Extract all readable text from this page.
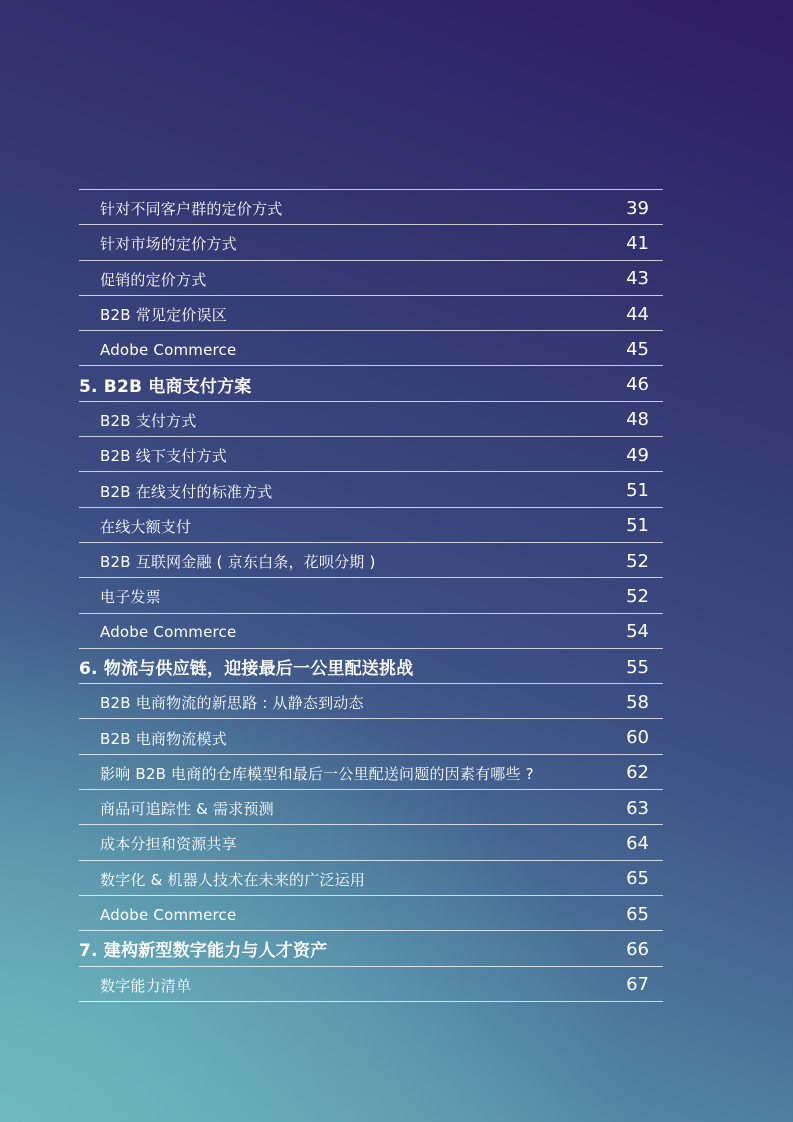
针对不同客户群的定价方式	39
针对市场的定价方式	41
促销的定价方式	43
B2B 常见定价误区	44
Adobe Commerce	45
5. B2B 电商支付方案	46
B2B 支付方式	48
B2B 线下支付方式	49
B2B 在线支付的标准方式	51
在线大额支付	51
B2B 互联网金融 ( 京东白条，花呗分期 )	52
电子发票	52
Adobe Commerce	54
6. 物流与供应链，迎接最后一公里配送挑战	55
B2B 电商物流的新思路 : 从静态到动态	58
B2B 电商物流模式	60
影响 B2B 电商的仓库模型和最后一公里配送问题的因素有哪些 ?	62
商品可追踪性 & 需求预测	63
成本分担和资源共享	64
数字化 & 机器人技术在未来的广泛运用	65
Adobe Commerce	65
7. 建构新型数字能力与人才资产	66
数字能力清单	67
